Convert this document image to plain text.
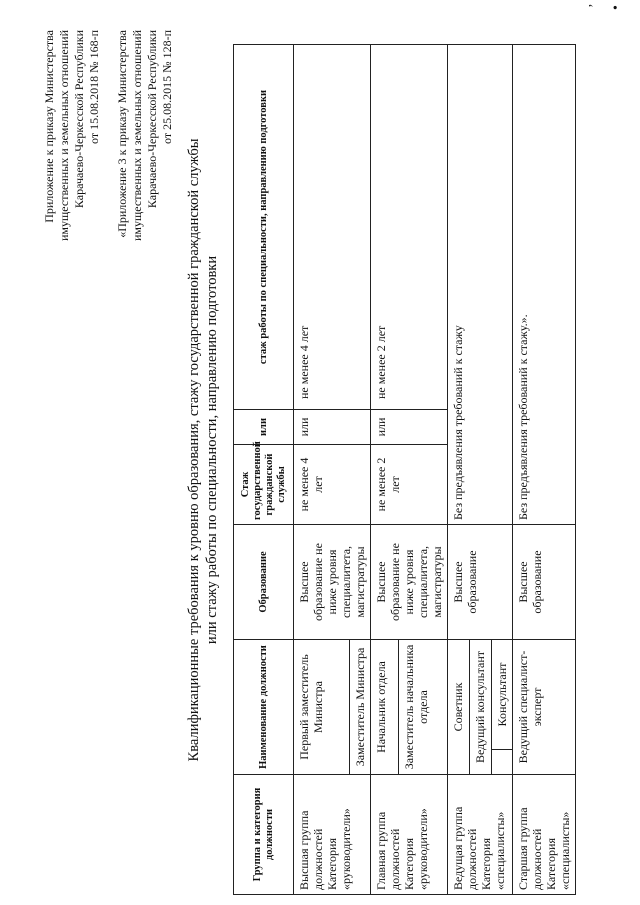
•
ʼ
Приложение к приказу Министерства имущественных и земельных отношений Карачаево-Черкесской Республики от 15.08.2018 № 168-п «Приложение 3 к приказу Министерства имущественных и земельных отношений Карачаево-Черкесской Республики от 25.08.2015 № 128-п
Квалификационные требования к уровню образования, стажу государственной гражданской службы или стажу работы по специальности, направлению подготовки
Группа и категория должности	Наименование должности		Образование	Стаж государственной гражданской службы	или	стаж работы по специальности, направлению подготовки
Высшая группа должностей Категория «руководители»	Первый заместитель Министра		Высшее образование не ниже уровня специалитета, магистратуры	не менее 4 лет	или	не менее 4 лет
	Заместитель Министра					
Главная группа должностей Категория «руководители»	Начальник отдела		Высшее образование не ниже уровня специалитета, магистратуры	не менее 2 лет	или	не менее 2 лет
	Заместитель начальника отдела					
Ведущая группа должностей Категория «специалисты»	Советник		Высшее образование	Без предъявления требований к стажу		
	Ведущий консультант					
		Консультант				
Старшая группа должностей Категория «специалисты»	Ведущий специалист-эксперт		Высшее образование	Без предъявления требований к стажу.».		
